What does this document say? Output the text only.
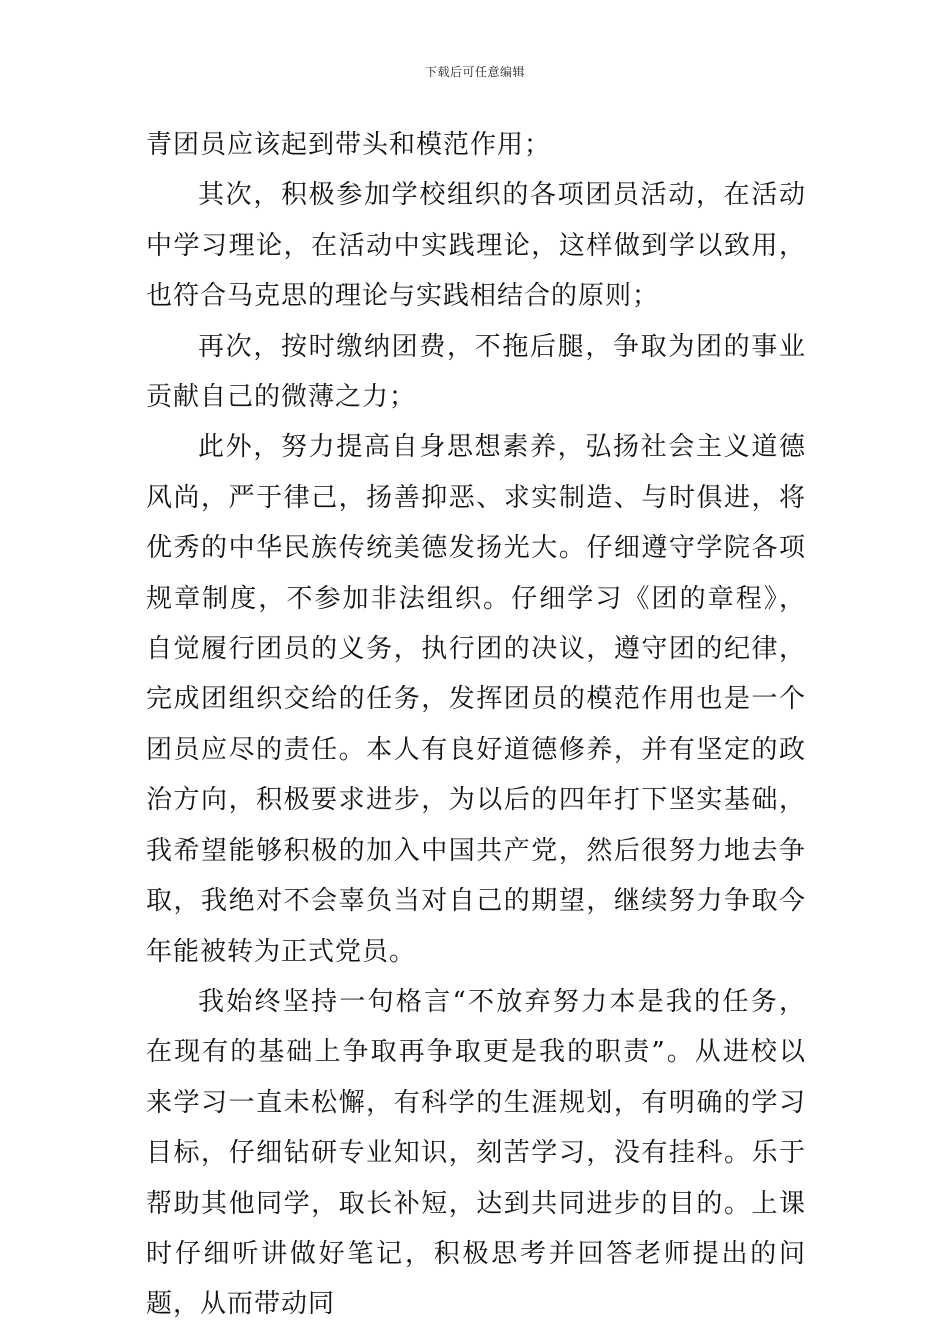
下载后可任意编辑

青团员应该起到带头和模范作用；

其次，积极参加学校组织的各项团员活动，在活动中学习理论，在活动中实践理论，这样做到学以致用，也符合马克思的理论与实践相结合的原则；

再次，按时缴纳团费，不拖后腿，争取为团的事业贡献自己的微薄之力；

此外，努力提高自身思想素养，弘扬社会主义道德风尚，严于律己，扬善抑恶、求实制造、与时俱进，将优秀的中华民族传统美德发扬光大。仔细遵守学院各项规章制度，不参加非法组织。仔细学习《团的章程》，自觉履行团员的义务，执行团的决议，遵守团的纪律，完成团组织交给的任务，发挥团员的模范作用也是一个团员应尽的责任。本人有良好道德修养，并有坚定的政治方向，积极要求进步，为以后的四年打下坚实基础，我希望能够积极的加入中国共产党，然后很努力地去争取，我绝对不会辜负当对自己的期望，继续努力争取今年能被转为正式党员。

我始终坚持一句格言“不放弃努力本是我的任务，在现有的基础上争取再争取更是我的职责”。从进校以来学习一直未松懈，有科学的生涯规划，有明确的学习目标，仔细钻研专业知识，刻苦学习，没有挂科。乐于帮助其他同学，取长补短，达到共同进步的目的。上课时仔细听讲做好笔记，积极思考并回答老师提出的问题，从而带动同
